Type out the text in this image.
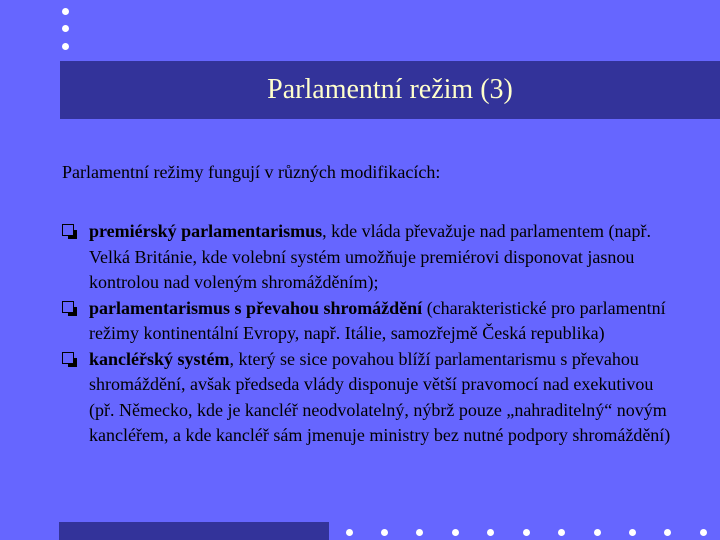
Parlamentní režim (3)

Parlamentní režimy fungují v různých modifikacích:

premiérský parlamentarismus, kde vláda převažuje nad parlamentem (např. Velká Británie, kde volební systém umožňuje premiérovi disponovat jasnou kontrolou nad voleným shromážděním);
parlamentarismus s převahou shromáždění (charakteristické pro parlamentní režimy kontinentální Evropy, např. Itálie, samozřejmě Česká republika)
kancléřský systém, který se sice povahou blíží parlamentarismu s převahou shromáždění, avšak předseda vlády disponuje větší pravomocí nad exekutivou (př. Německo, kde je kancléř neodvolatelný, nýbrž pouze „nahraditelný“ novým kancléřem, a kde kancléř sám jmenuje ministry bez nutné podpory shromáždění)
